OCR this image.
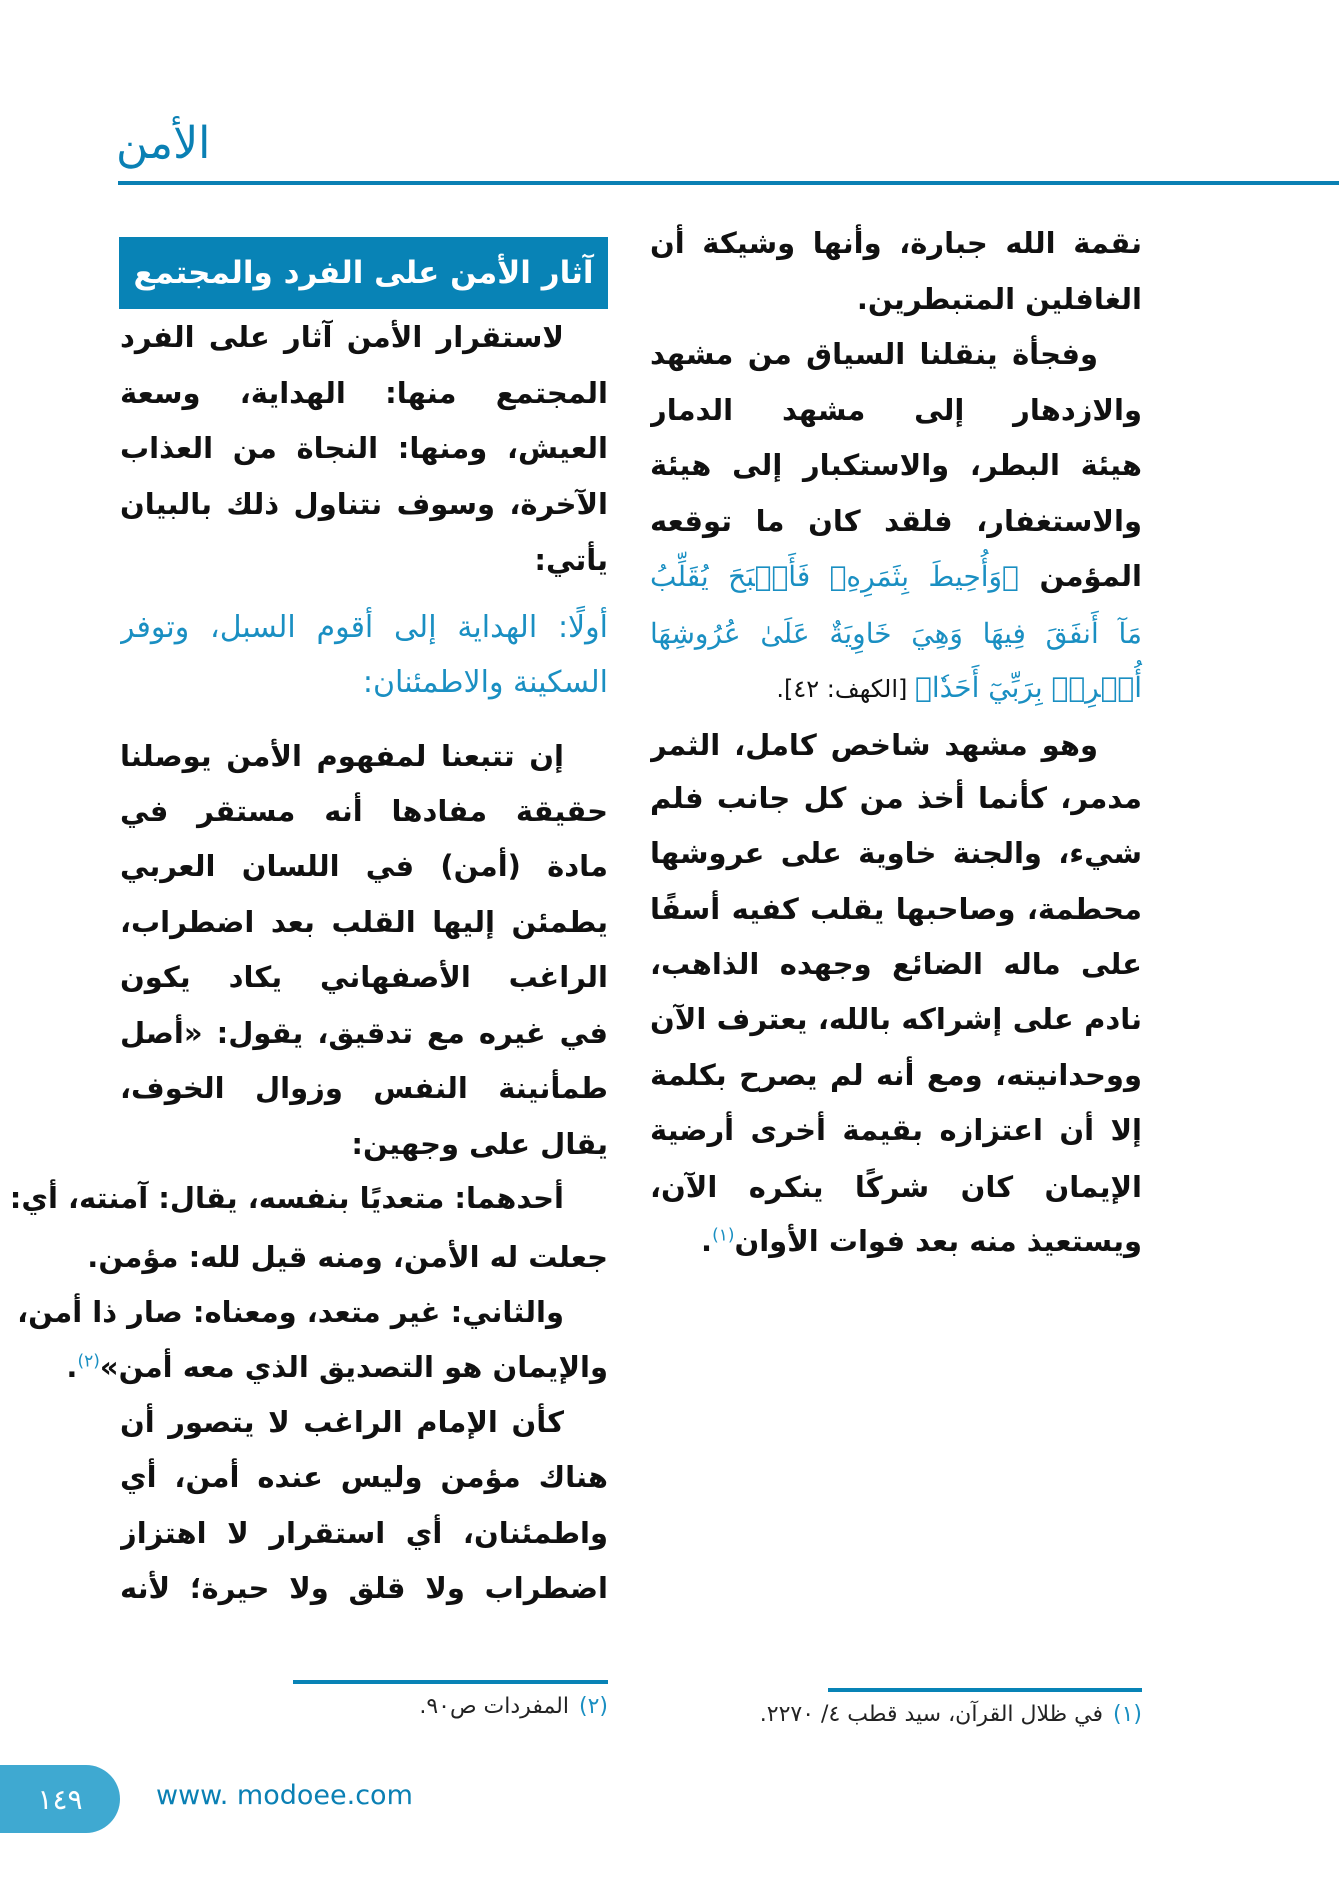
الأمن
آثار الأمن على الفرد والمجتمع
نقمة الله جبارة، وأنها وشيكة أن
الغافلين المتبطرين.
وفجأة ينقلنا السياق من مشهد
والازدهار إلى مشهد الدمار
هيئة البطر، والاستكبار إلى هيئة
والاستغفار، فلقد كان ما توقعه
المؤمن ﴿وَأُحِيطَ بِثَمَرِهِۦ فَأَصۡبَحَ يُقَلِّبُ
مَآ أَنفَقَ فِيهَا وَهِيَ خَاوِيَةٌ عَلَىٰ عُرُوشِهَا
أُشۡرِكۡ بِرَبِّيٓ أَحَدٗا﴾ [الكهف: ٤٢].
وهو مشهد شاخص كامل، الثمر
مدمر، كأنما أخذ من كل جانب فلم
شيء، والجنة خاوية على عروشها
محطمة، وصاحبها يقلب كفيه أسفًا
على ماله الضائع وجهده الذاهب،
نادم على إشراكه بالله، يعترف الآن
ووحدانيته، ومع أنه لم يصرح بكلمة
إلا أن اعتزازه بقيمة أخرى أرضية
الإيمان كان شركًا ينكره الآن،
ويستعيذ منه بعد فوات الأوان$^{(١)}$.
لاستقرار الأمن آثار على الفرد
المجتمع منها: الهداية، وسعة
العيش، ومنها: النجاة من العذاب
الآخرة، وسوف نتناول ذلك بالبيان
يأتي:
أولًا: الهداية إلى أقوم السبل، وتوفر
السكينة والاطمئنان:
إن تتبعنا لمفهوم الأمن يوصلنا
حقيقة مفادها أنه مستقر في
مادة (أمن) في اللسان العربي
يطمئن إليها القلب بعد اضطراب،
الراغب الأصفهاني يكاد يكون
في غيره مع تدقيق، يقول: «أصل
طمأنينة النفس وزوال الخوف،
يقال على وجهين:
أحدهما: متعديًا بنفسه، يقال: آمنته، أي:
جعلت له الأمن، ومنه قيل لله: مؤمن.
والثاني: غير متعد، ومعناه: صار ذا أمن،
والإيمان هو التصديق الذي معه أمن»$^{(٢)}$.
كأن الإمام الراغب لا يتصور أن
هناك مؤمن وليس عنده أمن، أي
واطمئنان، أي استقرار لا اهتزاز
اضطراب ولا قلق ولا حيرة؛ لأنه
(١)في ظلال القرآن، سيد قطب ٤/ ٢٢٧٠.
(٢)المفردات ص٩٠.
١٤٩	www. modoee.com
